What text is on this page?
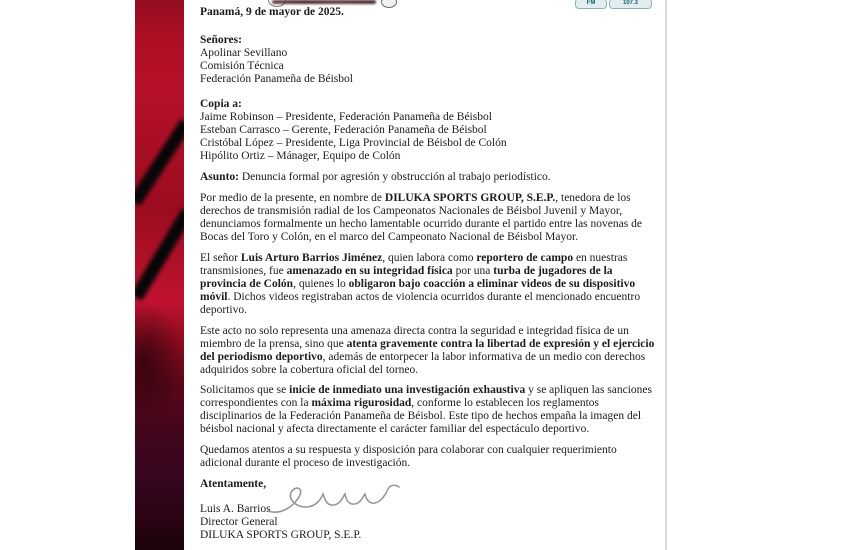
FM	107.3

Panamá, 9 de mayor de 2025.

Señores:
Apolinar Sevillano
Comisión Técnica
Federación Panameña de Béisbol
Copia a:
Jaime Robinson – Presidente, Federación Panameña de Béisbol
Esteban Carrasco – Gerente, Federación Panameña de Béisbol
Cristóbal López – Presidente, Liga Provincial de Béisbol de Colón
Hipólito Ortiz – Mánager, Equipo de Colón

Asunto: Denuncia formal por agresión y obstrucción al trabajo periodístico.

Por medio de la presente, en nombre de DILUKA SPORTS GROUP, S.E.P., tenedora de los derechos de transmisión radial de los Campeonatos Nacionales de Béisbol Juvenil y Mayor, denunciamos formalmente un hecho lamentable ocurrido durante el partido entre las novenas de Bocas del Toro y Colón, en el marco del Campeonato Nacional de Béisbol Mayor.

El señor Luis Arturo Barrios Jiménez, quien labora como reportero de campo en nuestras transmisiones, fue amenazado en su integridad física por una turba de jugadores de la provincia de Colón, quienes lo obligaron bajo coacción a eliminar videos de su dispositivo móvil. Dichos videos registraban actos de violencia ocurridos durante el mencionado encuentro deportivo.

Este acto no solo representa una amenaza directa contra la seguridad e integridad física de un miembro de la prensa, sino que atenta gravemente contra la libertad de expresión y el ejercicio del periodismo deportivo, además de entorpecer la labor informativa de un medio con derechos adquiridos sobre la cobertura oficial del torneo.

Solicitamos que se inicie de inmediato una investigación exhaustiva y se apliquen las sanciones correspondientes con la máxima rigurosidad, conforme lo establecen los reglamentos disciplinarios de la Federación Panameña de Béisbol. Este tipo de hechos empaña la imagen del béisbol nacional y afecta directamente el carácter familiar del espectáculo deportivo.

Quedamos atentos a su respuesta y disposición para colaborar con cualquier requerimiento adicional durante el proceso de investigación.

Atentamente,

Luis A. Barrios
Director General
DILUKA SPORTS GROUP, S.E.P.
